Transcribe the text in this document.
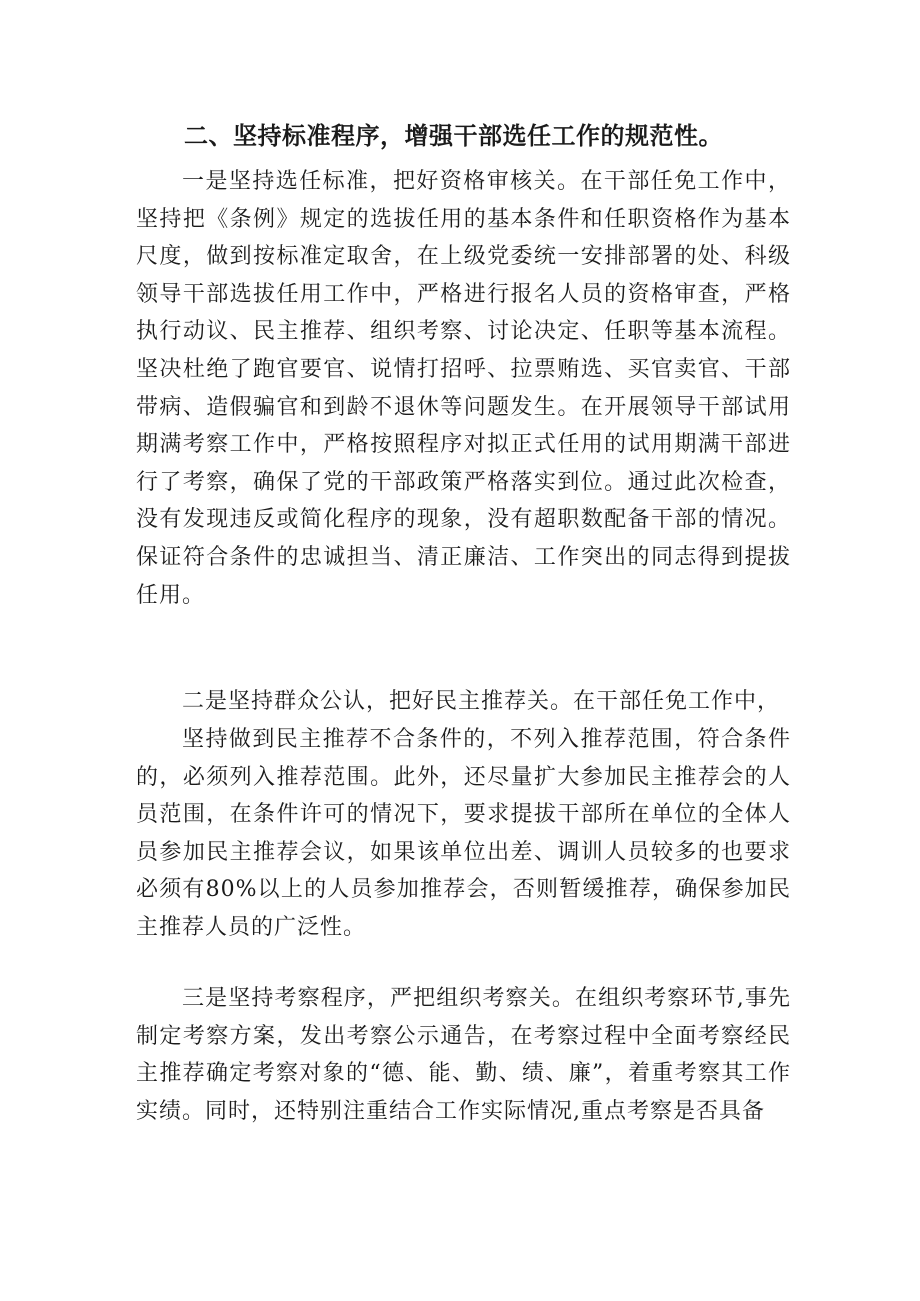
二、坚持标准程序，增强干部选任工作的规范性。

一是坚持选任标准，把好资格审核关。在干部任免工作中，坚持把《条例》规定的选拔任用的基本条件和任职资格作为基本尺度，做到按标准定取舍，在上级党委统一安排部署的处、科级领导干部选拔任用工作中，严格进行报名人员的资格审查，严格执行动议、民主推荐、组织考察、讨论决定、任职等基本流程。坚决杜绝了跑官要官、说情打招呼、拉票贿选、买官卖官、干部带病、造假骗官和到龄不退休等问题发生。在开展领导干部试用期满考察工作中，严格按照程序对拟正式任用的试用期满干部进行了考察，确保了党的干部政策严格落实到位。通过此次检查，没有发现违反或简化程序的现象，没有超职数配备干部的情况。保证符合条件的忠诚担当、清正廉洁、工作突出的同志得到提拔任用。

二是坚持群众公认，把好民主推荐关。在干部任免工作中，

坚持做到民主推荐不合条件的，不列入推荐范围，符合条件的，必须列入推荐范围。此外，还尽量扩大参加民主推荐会的人员范围，在条件许可的情况下，要求提拔干部所在单位的全体人员参加民主推荐会议，如果该单位出差、调训人员较多的也要求必须有80%以上的人员参加推荐会，否则暂缓推荐，确保参加民主推荐人员的广泛性。

三是坚持考察程序，严把组织考察关。在组织考察环节,事先制定考察方案，发出考察公示通告，在考察过程中全面考察经民主推荐确定考察对象的“德、能、勤、绩、廉”，着重考察其工作实绩。同时，还特别注重结合工作实际情况,重点考察是否具备
